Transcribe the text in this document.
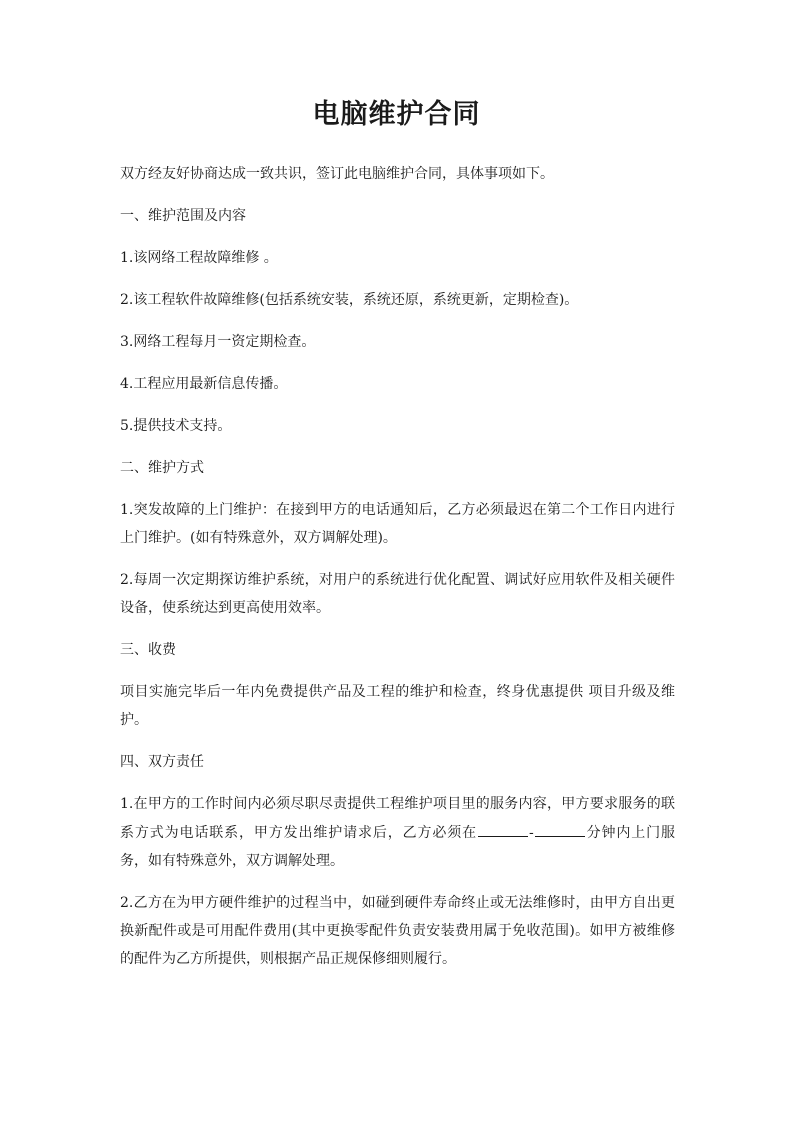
电脑维护合同

双方经友好协商达成一致共识，签订此电脑维护合同，具体事项如下。

一、维护范围及内容

1.该网络工程故障维修 。

2.该工程软件故障维修(包括系统安装，系统还原，系统更新，定期检查)。

3.网络工程每月一资定期检查。

4.工程应用最新信息传播。

5.提供技术支持。

二、维护方式

1.突发故障的上门维护：在接到甲方的电话通知后，乙方必须最迟在第二个工作日内进行上门维护。(如有特殊意外，双方调解处理)。

2.每周一次定期探访维护系统，对用户的系统进行优化配置、调试好应用软件及相关硬件设备，使系统达到更高使用效率。

三、收费

项目实施完毕后一年内免费提供产品及工程的维护和检查，终身优惠提供 项目升级及维护。

四、双方责任

1.在甲方的工作时间内必须尽职尽责提供工程维护项目里的服务内容，甲方要求服务的联系方式为电话联系，甲方发出维护请求后，乙方必须在	-	分钟内上门服务，如有特殊意外，双方调解处理。

2.乙方在为甲方硬件维护的过程当中，如碰到硬件寿命终止或无法维修时，由甲方自出更换新配件或是可用配件费用(其中更换零配件负责安装费用属于免收范围)。如甲方被维修的配件为乙方所提供，则根据产品正规保修细则履行。
